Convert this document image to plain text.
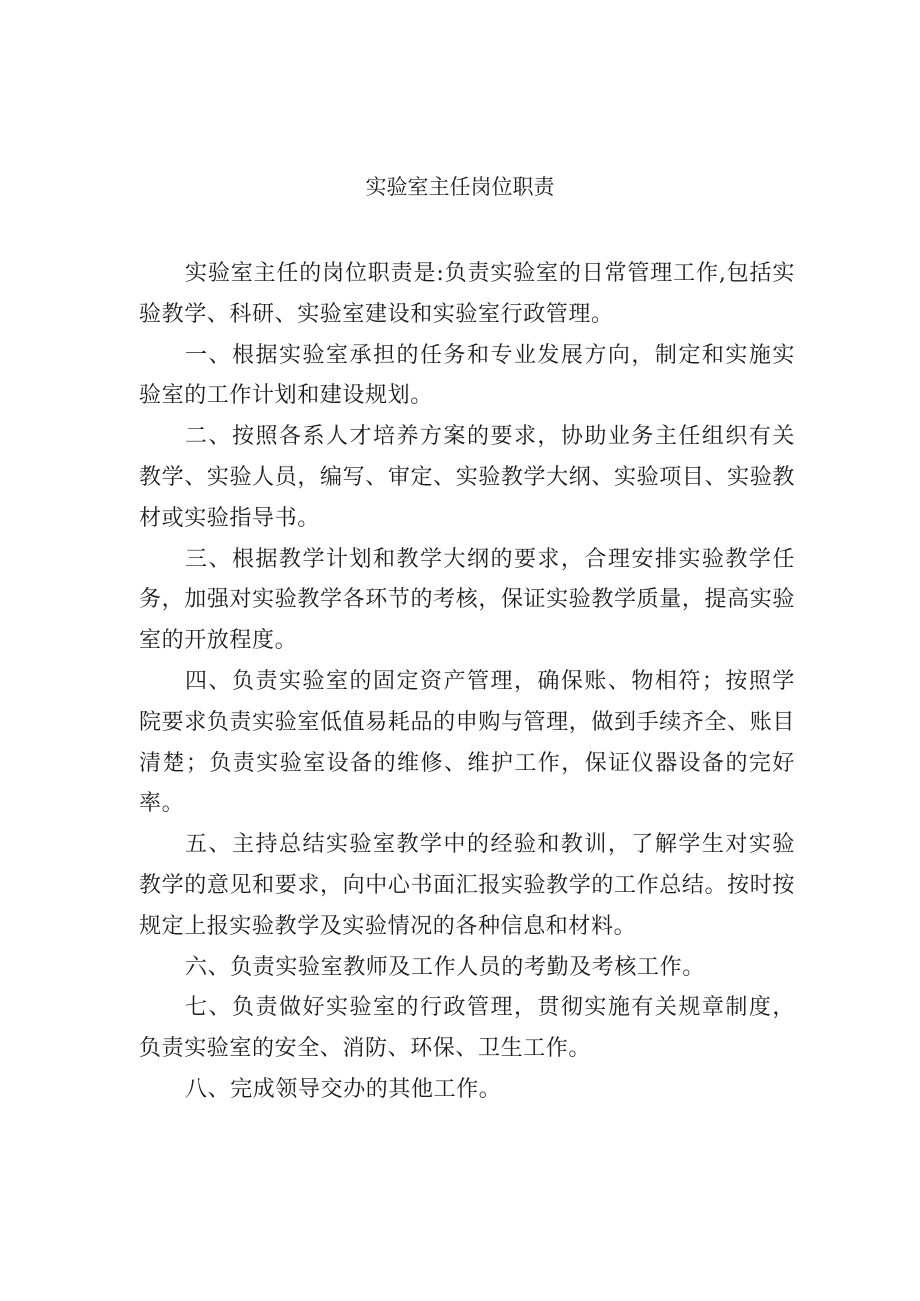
实验室主任岗位职责

实验室主任的岗位职责是:负责实验室的日常管理工作,包括实验教学、科研、实验室建设和实验室行政管理。

一、根据实验室承担的任务和专业发展方向，制定和实施实验室的工作计划和建设规划。

二、按照各系人才培养方案的要求，协助业务主任组织有关教学、实验人员，编写、审定、实验教学大纲、实验项目、实验教材或实验指导书。

三、根据教学计划和教学大纲的要求，合理安排实验教学任务，加强对实验教学各环节的考核，保证实验教学质量，提高实验室的开放程度。

四、负责实验室的固定资产管理，确保账、物相符；按照学院要求负责实验室低值易耗品的申购与管理，做到手续齐全、账目清楚；负责实验室设备的维修、维护工作，保证仪器设备的完好率。

五、主持总结实验室教学中的经验和教训，了解学生对实验教学的意见和要求，向中心书面汇报实验教学的工作总结。按时按规定上报实验教学及实验情况的各种信息和材料。

六、负责实验室教师及工作人员的考勤及考核工作。

七、负责做好实验室的行政管理，贯彻实施有关规章制度，负责实验室的安全、消防、环保、卫生工作。

八、完成领导交办的其他工作。
